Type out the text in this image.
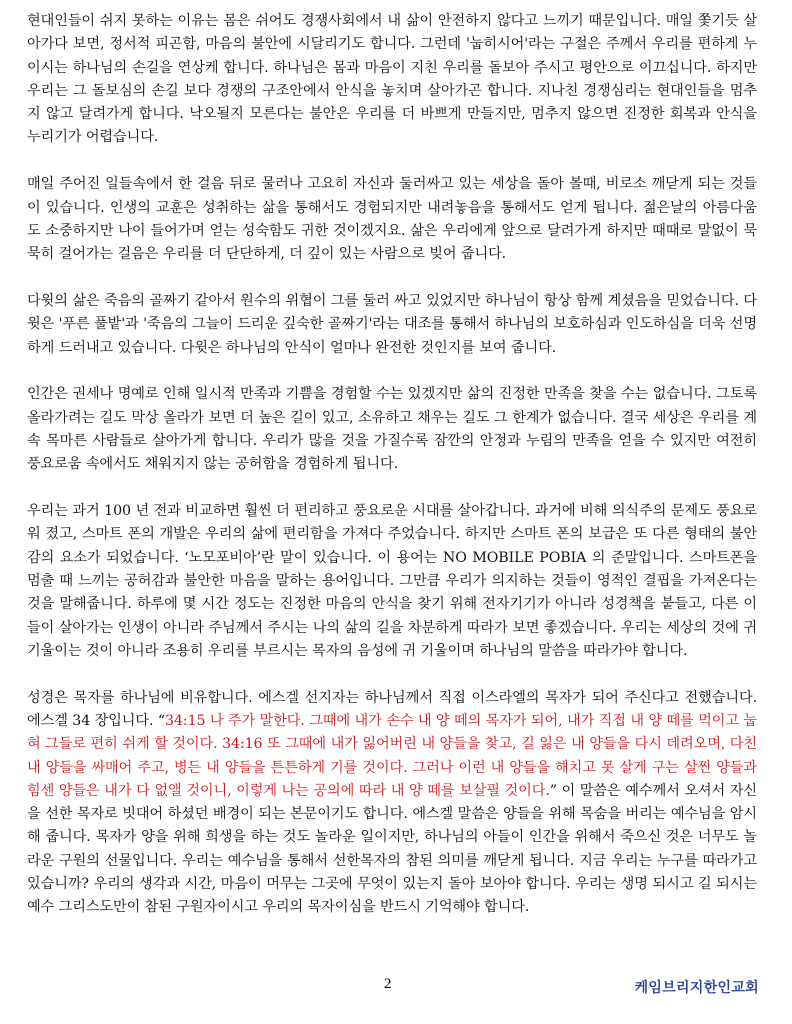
현대인들이 쉬지 못하는 이유는 몸은 쉬어도 경쟁사회에서 내 삶이 안전하지 않다고 느끼기 때문입니다. 매일 쫓기듯 살아가다 보면, 정서적 피곤함, 마음의 불안에 시달리기도 합니다. 그런데 '눕히시어'라는 구절은 주께서 우리를 편하게 누이시는 하나님의 손길을 연상케 합니다. 하나님은 몸과 마음이 지친 우리를 돌보아 주시고 평안으로 이끄십니다. 하지만 우리는 그 돌보심의 손길 보다 경쟁의 구조안에서 안식을 놓치며 살아가곤 합니다. 지나친 경쟁심리는 현대인들을 멈추지 않고 달려가게 합니다. 낙오될지 모른다는 불안은 우리를 더 바쁘게 만들지만, 멈추지 않으면 진정한 회복과 안식을 누리기가 어렵습니다.

매일 주어진 일들속에서 한 걸음 뒤로 물러나 고요히 자신과 둘러싸고 있는 세상을 돌아 볼때, 비로소 깨닫게 되는 것들이 있습니다. 인생의 교훈은 성취하는 삶을 통해서도 경험되지만 내려놓음을 통해서도 얻게 됩니다. 젊은날의 아름다움도 소중하지만 나이 들어가며 얻는 성숙함도 귀한 것이겠지요. 삶은 우리에게 앞으로 달려가게 하지만 때때로 말없이 묵묵히 걸어가는 걸음은 우리를 더 단단하게, 더 깊이 있는 사람으로 빚어 줍니다.

다윗의 삶은 죽음의 골짜기 같아서 원수의 위협이 그를 둘러 싸고 있었지만 하나님이 항상 함께 계셨음을 믿었습니다. 다윗은 '푸른 풀밭'과 '죽음의 그늘이 드리운 깊숙한 골짜기'라는 대조를 통해서 하나님의 보호하심과 인도하심을 더욱 선명하게 드러내고 있습니다. 다윗은 하나님의 안식이 얼마나 완전한 것인지를 보여 줍니다.

인간은 권세나 명예로 인해 일시적 만족과 기쁨을 경험할 수는 있겠지만 삶의 진정한 만족을 찾을 수는 없습니다. 그토록 올라가려는 길도 막상 올라가 보면 더 높은 길이 있고, 소유하고 채우는 길도 그 한계가 없습니다. 결국 세상은 우리를 계속 목마른 사람들로 살아가게 합니다. 우리가 많을 것을 가질수록 잠깐의 안정과 누림의 만족을 얻을 수 있지만 여전히 풍요로움 속에서도 채워지지 않는 공허함을 경험하게 됩니다.

우리는 과거 100 년 전과 비교하면 훨씬 더 편리하고 풍요로운 시대를 살아갑니다. 과거에 비해 의식주의 문제도 풍요로워 졌고, 스마트 폰의 개발은 우리의 삶에 편리함을 가져다 주었습니다. 하지만 스마트 폰의 보급은 또 다른 형태의 불안감의 요소가 되었습니다. ‘노모포비아’란 말이 있습니다. 이 용어는 NO MOBILE POBIA 의 준말입니다. 스마트폰을 멈출 때 느끼는 공허감과 불안한 마음을 말하는 용어입니다. 그만큼 우리가 의지하는 것들이 영적인 결핍을 가져온다는 것을 말해줍니다. 하루에 몇 시간 정도는 진정한 마음의 안식을 찾기 위해 전자기기가 아니라 성경책을 붙들고, 다른 이들이 살아가는 인생이 아니라 주님께서 주시는 나의 삶의 길을 차분하게 따라가 보면 좋겠습니다. 우리는 세상의 것에 귀 기울이는 것이 아니라 조용히 우리를 부르시는 목자의 음성에 귀 기울이며 하나님의 말씀을 따라가야 합니다.

성경은 목자를 하나님에 비유합니다. 에스겔 선지자는 하나님께서 직접 이스라엘의 목자가 되어 주신다고 전했습니다. 에스겔 34 장입니다. “34:15 나 주가 말한다. 그때에 내가 손수 내 양 떼의 목자가 되어, 내가 직접 내 양 떼를 먹이고 눕혀 그들로 편히 쉬게 할 것이다. 34:16 또 그때에 내가 잃어버린 내 양들을 찾고, 길 잃은 내 양들을 다시 데려오며, 다친 내 양들을 싸매어 주고, 병든 내 양들을 튼튼하게 기를 것이다. 그러나 이런 내 양들을 해치고 못 살게 구는 살찐 양들과 힘센 양들은 내가 다 없앨 것이니, 이렇게 나는 공의에 따라 내 양 떼를 보살필 것이다.” 이 말씀은 예수께서 오셔서 자신을 선한 목자로 빗대어 하셨던 배경이 되는 본문이기도 합니다. 에스겔 말씀은 양들을 위해 목숨을 버리는 예수님을 암시해 줍니다. 목자가 양을 위해 희생을 하는 것도 놀라운 일이지만, 하나님의 아들이 인간을 위해서 죽으신 것은 너무도 놀라운 구원의 선물입니다. 우리는 예수님을 통해서 선한목자의 참된 의미를 깨닫게 됩니다. 지금 우리는 누구를 따라가고 있습니까? 우리의 생각과 시간, 마음이 머무는 그곳에 무엇이 있는지 돌아 보아야 합니다. 우리는 생명 되시고 길 되시는 예수 그리스도만이 참된 구원자이시고 우리의 목자이심을 반드시 기억해야 합니다.

2	케임브리지한인교회
